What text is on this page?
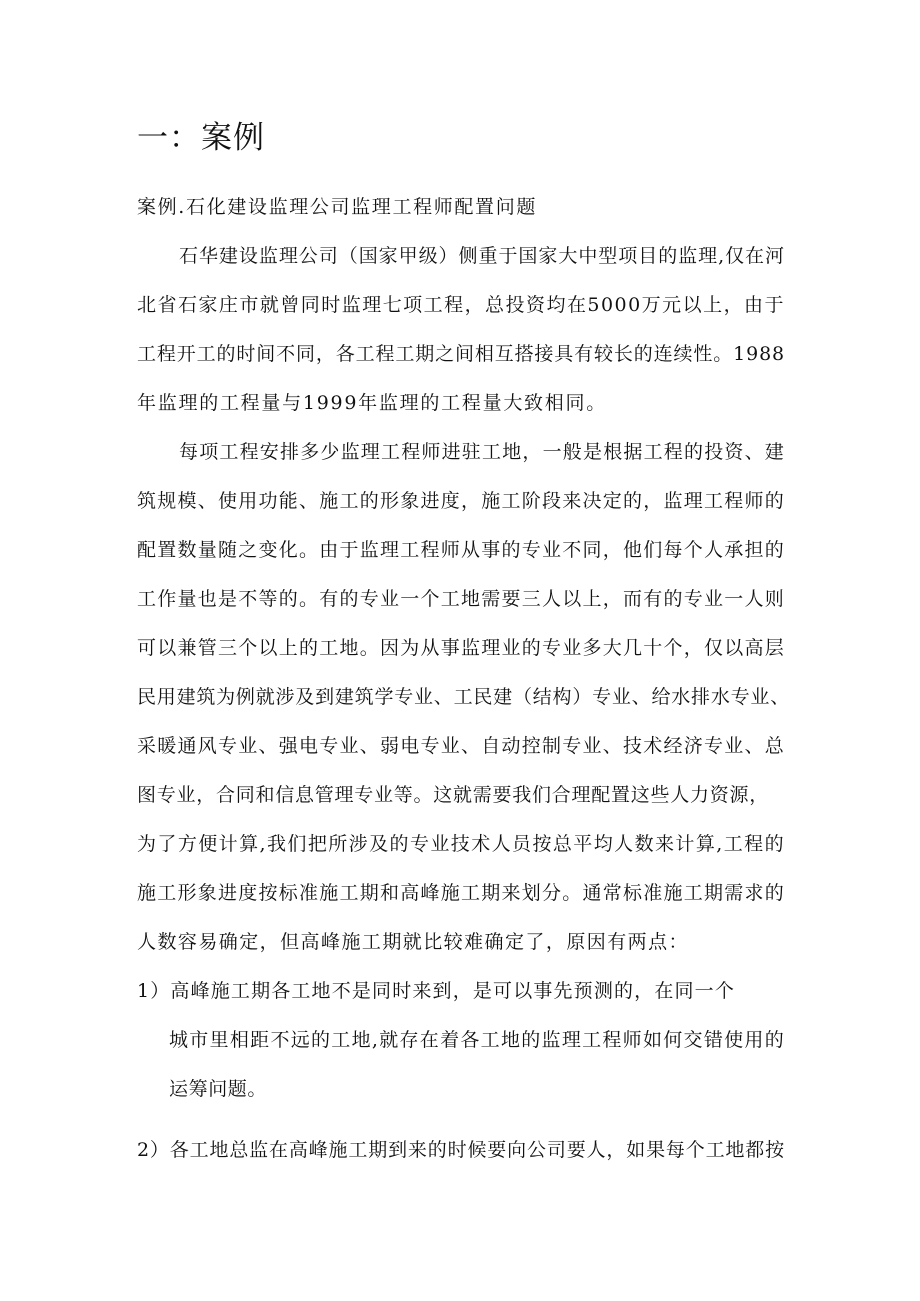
一：案例
案例.石化建设监理公司监理工程师配置问题
石华建设监理公司（国家甲级）侧重于国家大中型项目的监理,仅在河
北省石家庄市就曾同时监理七项工程，总投资均在5000万元以上，由于
工程开工的时间不同，各工程工期之间相互搭接具有较长的连续性。1988
年监理的工程量与1999年监理的工程量大致相同。
每项工程安排多少监理工程师进驻工地，一般是根据工程的投资、建
筑规模、使用功能、施工的形象进度，施工阶段来决定的，监理工程师的
配置数量随之变化。由于监理工程师从事的专业不同，他们每个人承担的
工作量也是不等的。有的专业一个工地需要三人以上，而有的专业一人则
可以兼管三个以上的工地。因为从事监理业的专业多大几十个，仅以高层
民用建筑为例就涉及到建筑学专业、工民建（结构）专业、给水排水专业、
采暖通风专业、强电专业、弱电专业、自动控制专业、技术经济专业、总
图专业，合同和信息管理专业等。这就需要我们合理配置这些人力资源，
为了方便计算,我们把所涉及的专业技术人员按总平均人数来计算,工程的
施工形象进度按标准施工期和高峰施工期来划分。通常标准施工期需求的
人数容易确定，但高峰施工期就比较难确定了，原因有两点：
1）高峰施工期各工地不是同时来到，是可以事先预测的，在同一个
城市里相距不远的工地,就存在着各工地的监理工程师如何交错使用的
运筹问题。
2）各工地总监在高峰施工期到来的时候要向公司要人，如果每个工地都按
